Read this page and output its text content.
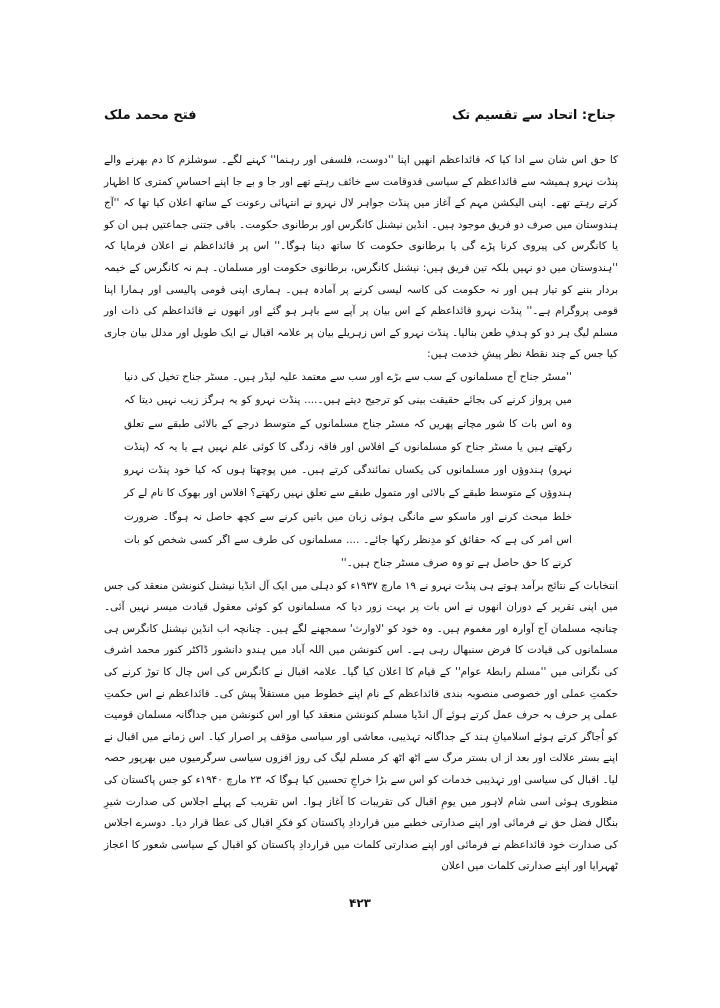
جناح: اتحاد سے تقسیم تک
فتح محمد ملک

کا حق اس شان سے ادا کیا کہ قائداعظم انھیں اپنا ''دوست، فلسفی اور رہنما'' کہنے لگے۔ سوشلزم کا دم بھرنے والے پنڈت نہرو ہمیشہ سے قائداعظم کے سیاسی قدوقامت سے خائف رہتے تھے اور جا و بے جا اپنے احساسِ کمتری کا اظہار کرتے رہتے تھے۔ اپنی الیکشن مہم کے آغاز میں پنڈت جواہر لال نہرو نے انتہائی رعونت کے ساتھ اعلان کیا تھا کہ ''آج ہندوستان میں صرف دو فریق موجود ہیں۔ انڈین نیشنل کانگرس اور برطانوی حکومت۔ باقی جتنی جماعتیں ہیں ان کو یا کانگرس کی پیروی کرنا پڑے گی یا برطانوی حکومت کا ساتھ دینا ہوگا۔'' اس پر قائداعظم نے اعلان فرمایا کہ ''ہندوستان میں دو نہیں بلکہ تین فریق ہیں: نیشنل کانگرس، برطانوی حکومت اور مسلمان۔ ہم نہ کانگرس کے خیمہ بردار بننے کو تیار ہیں اور نہ حکومت کی کاسہ لیسی کرنے پر آمادہ ہیں۔ ہماری اپنی قومی پالیسی اور ہمارا اپنا قومی پروگرام ہے۔'' پنڈت نہرو قائداعظم کے اس بیان پر آپے سے باہر ہو گئے اور انھوں نے قائداعظم کی ذات اور مسلم لیگ ہر دو کو ہدفِ طعن بنالیا۔ پنڈت نہرو کے اس زہریلے بیان پر علامہ اقبال نے ایک طویل اور مدلل بیان جاری کیا جس کے چند نقطۂ نظر پیشِ خدمت ہیں:

''مسٹر جناح آج مسلمانوں کے سب سے بڑے اور سب سے معتمد علیہ لیڈر ہیں۔ مسٹر جناح تخیل کی دنیا میں پرواز کرنے کی بجائے حقیقت بینی کو ترجیح دیتے ہیں۔.... پنڈت نہرو کو یہ ہرگز زیب نہیں دیتا کہ وہ اس بات کا شور مچاتے پھریں کہ مسٹر جناح مسلمانوں کے متوسط درجے کے بالائی طبقے سے تعلق رکھتے ہیں یا مسٹر جناح کو مسلمانوں کے افلاس اور فاقہ زدگی کا کوئی علم نہیں ہے یا یہ کہ (پنڈت نہرو) ہندوؤں اور مسلمانوں کی یکساں نمائندگی کرتے ہیں۔ میں پوچھتا ہوں کہ کیا خود پنڈت نہرو ہندوؤں کے متوسط طبقے کے بالائی اور متمول طبقے سے تعلق نہیں رکھتے؟ افلاس اور بھوک کا نام لے کر خلط مبحث کرنے اور ماسکو سے مانگی ہوئی زبان میں باتیں کرنے سے کچھ حاصل نہ ہوگا۔ ضرورت اس امر کی ہے کہ حقائق کو مدِنظر رکھا جائے۔ .... مسلمانوں کی طرف سے اگر کسی شخص کو بات کرنے کا حق حاصل ہے تو وہ صرف مسٹر جناح ہیں۔''

انتخابات کے نتائج برآمد ہوتے ہی پنڈت نہرو نے ۱۹ مارچ ۱۹۳۷ء کو دہلی میں ایک آل انڈیا نیشنل کنونشن منعقد کی جس میں اپنی تقریر کے دوران انھوں نے اس بات پر بہت زور دیا کہ مسلمانوں کو کوئی معقول قیادت میسر نہیں آئی۔ چنانچہ مسلمان آج آوارہ اور مغموم ہیں۔ وہ خود کو 'لاوارث' سمجھنے لگے ہیں۔ چنانچہ اب انڈین نیشنل کانگرس ہی مسلمانوں کی قیادت کا فرض سنبھال رہی ہے۔ اس کنونشن میں اللہ آباد میں ہندو دانشور ڈاکٹر کنور محمد اشرف کی نگرانی میں ''مسلم رابطۂ عوام'' کے قیام کا اعلان کیا گیا۔ علامہ اقبال نے کانگرس کی اس چال کا توڑ کرنے کی حکمتِ عملی اور خصوصی منصوبہ بندی قائداعظم کے نام اپنے خطوط میں مستقلاً پیش کی۔ قائداعظم نے اس حکمتِ عملی پر حرف بہ حرف عمل کرتے ہوئے آل انڈیا مسلم کنونشن منعقد کیا اور اس کنونشن میں جداگانہ مسلمان قومیت کو اُجاگر کرتے ہوئے اسلامیانِ ہند کے جداگانہ تہذیبی، معاشی اور سیاسی مؤقف پر اصرار کیا۔ اس زمانے میں اقبال نے اپنے بستر علالت اور بعد از اں بستر مرگ سے اٹھ اٹھ کر مسلم لیگ کی روز افزوں سیاسی سرگرمیوں میں بھرپور حصہ لیا۔ اقبال کی سیاسی اور تہذیبی خدمات کو اس سے بڑا خراجِ تحسین کیا ہوگا کہ ۲۳ مارچ ۱۹۴۰ء کو جس پاکستان کی منظوری ہوئی اسی شام لاہور میں یومِ اقبال کی تقریبات کا آغاز ہوا۔ اس تقریب کے پہلے اجلاس کی صدارت شیرِ بنگال فضل حق نے فرمائی اور اپنے صدارتی خطبے میں قراردادِ پاکستان کو فکرِ اقبال کی عطا قرار دیا۔ دوسرے اجلاس کی صدارت خود قائداعظم نے فرمائی اور اپنے صدارتی کلمات میں قراردادِ پاکستان کو اقبال کے سیاسی شعور کا اعجاز ٹھہرایا اور اپنے صدارتی کلمات میں اعلان

۴۲۳
